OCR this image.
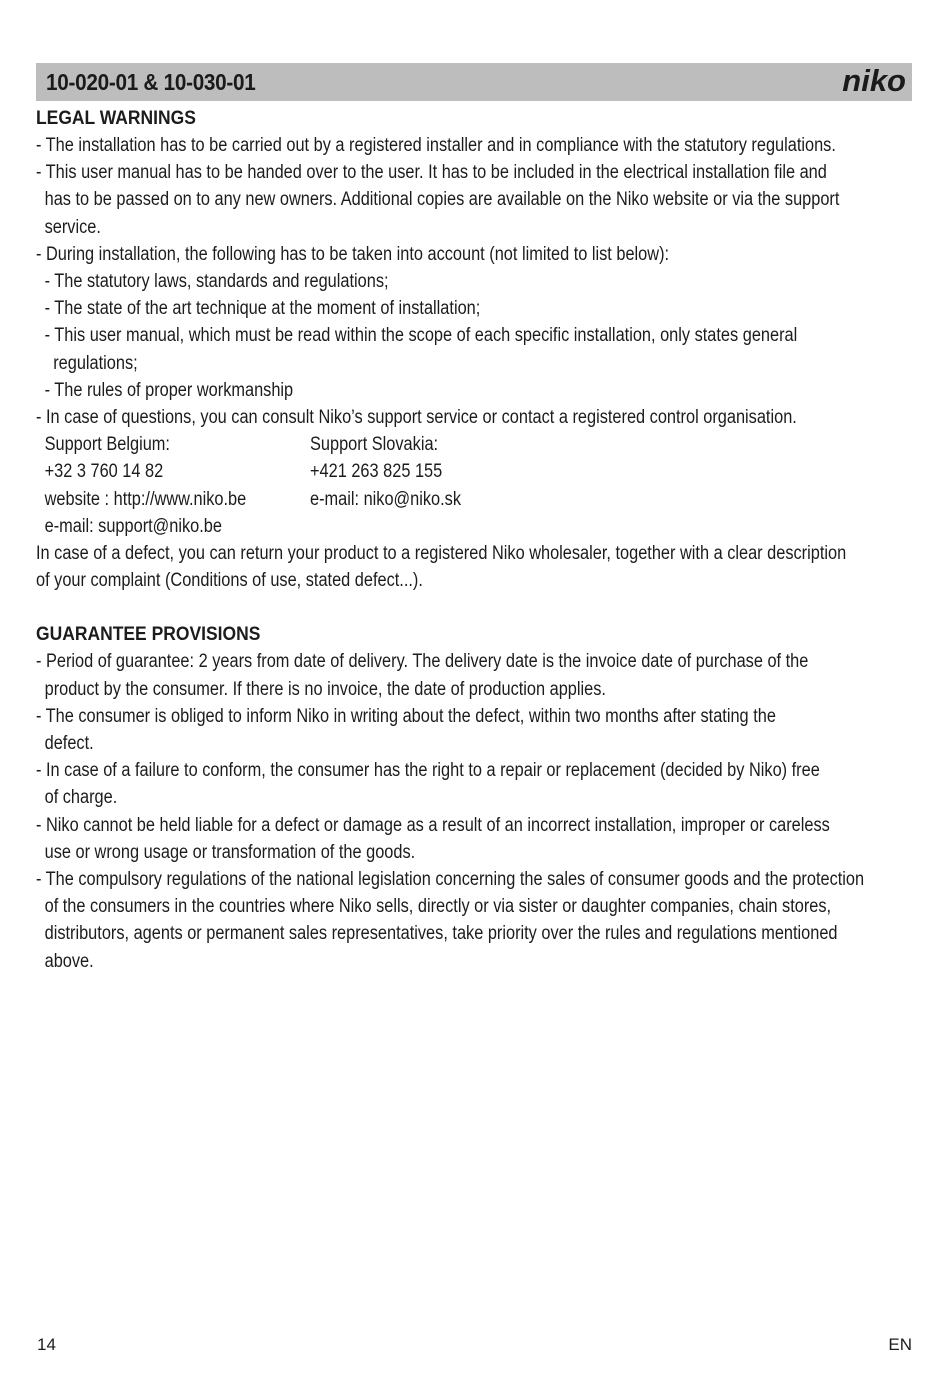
10-020-01 & 10-030-01	niko
LEGAL WARNINGS
- The installation has to be carried out by a registered installer and in compliance with the statutory regulations.
- This user manual has to be handed over to the user. It has to be included in the electrical installation file and
has to be passed on to any new owners. Additional copies are available on the Niko website or via the support
service.
- During installation, the following has to be taken into account (not limited to list below):
- The statutory laws, standards and regulations;
- The state of the art technique at the moment of installation;
- This user manual, which must be read within the scope of each specific installation, only states general
regulations;
- The rules of proper workmanship
- In case of questions, you can consult Niko’s support service or contact a registered control organisation.
Support Belgium:
+32 3 760 14 82
website : http://www.niko.be
e-mail: support@niko.be
Support Slovakia:
+421 263 825 155
e-mail: niko@niko.sk
In case of a defect, you can return your product to a registered Niko wholesaler, together with a clear description
of your complaint (Conditions of use, stated defect...).
GUARANTEE PROVISIONS
- Period of guarantee: 2 years from date of delivery. The delivery date is the invoice date of purchase of the
product by the consumer. If there is no invoice, the date of production applies.
- The consumer is obliged to inform Niko in writing about the defect, within two months after stating the
defect.
- In case of a failure to conform, the consumer has the right to a repair or replacement (decided by Niko) free
of charge.
- Niko cannot be held liable for a defect or damage as a result of an incorrect installation, improper or careless
use or wrong usage or transformation of the goods.
- The compulsory regulations of the national legislation concerning the sales of consumer goods and the protection
of the consumers in the countries where Niko sells, directly or via sister or daughter companies, chain stores,
distributors, agents or permanent sales representatives, take priority over the rules and regulations mentioned
above.
14	EN
